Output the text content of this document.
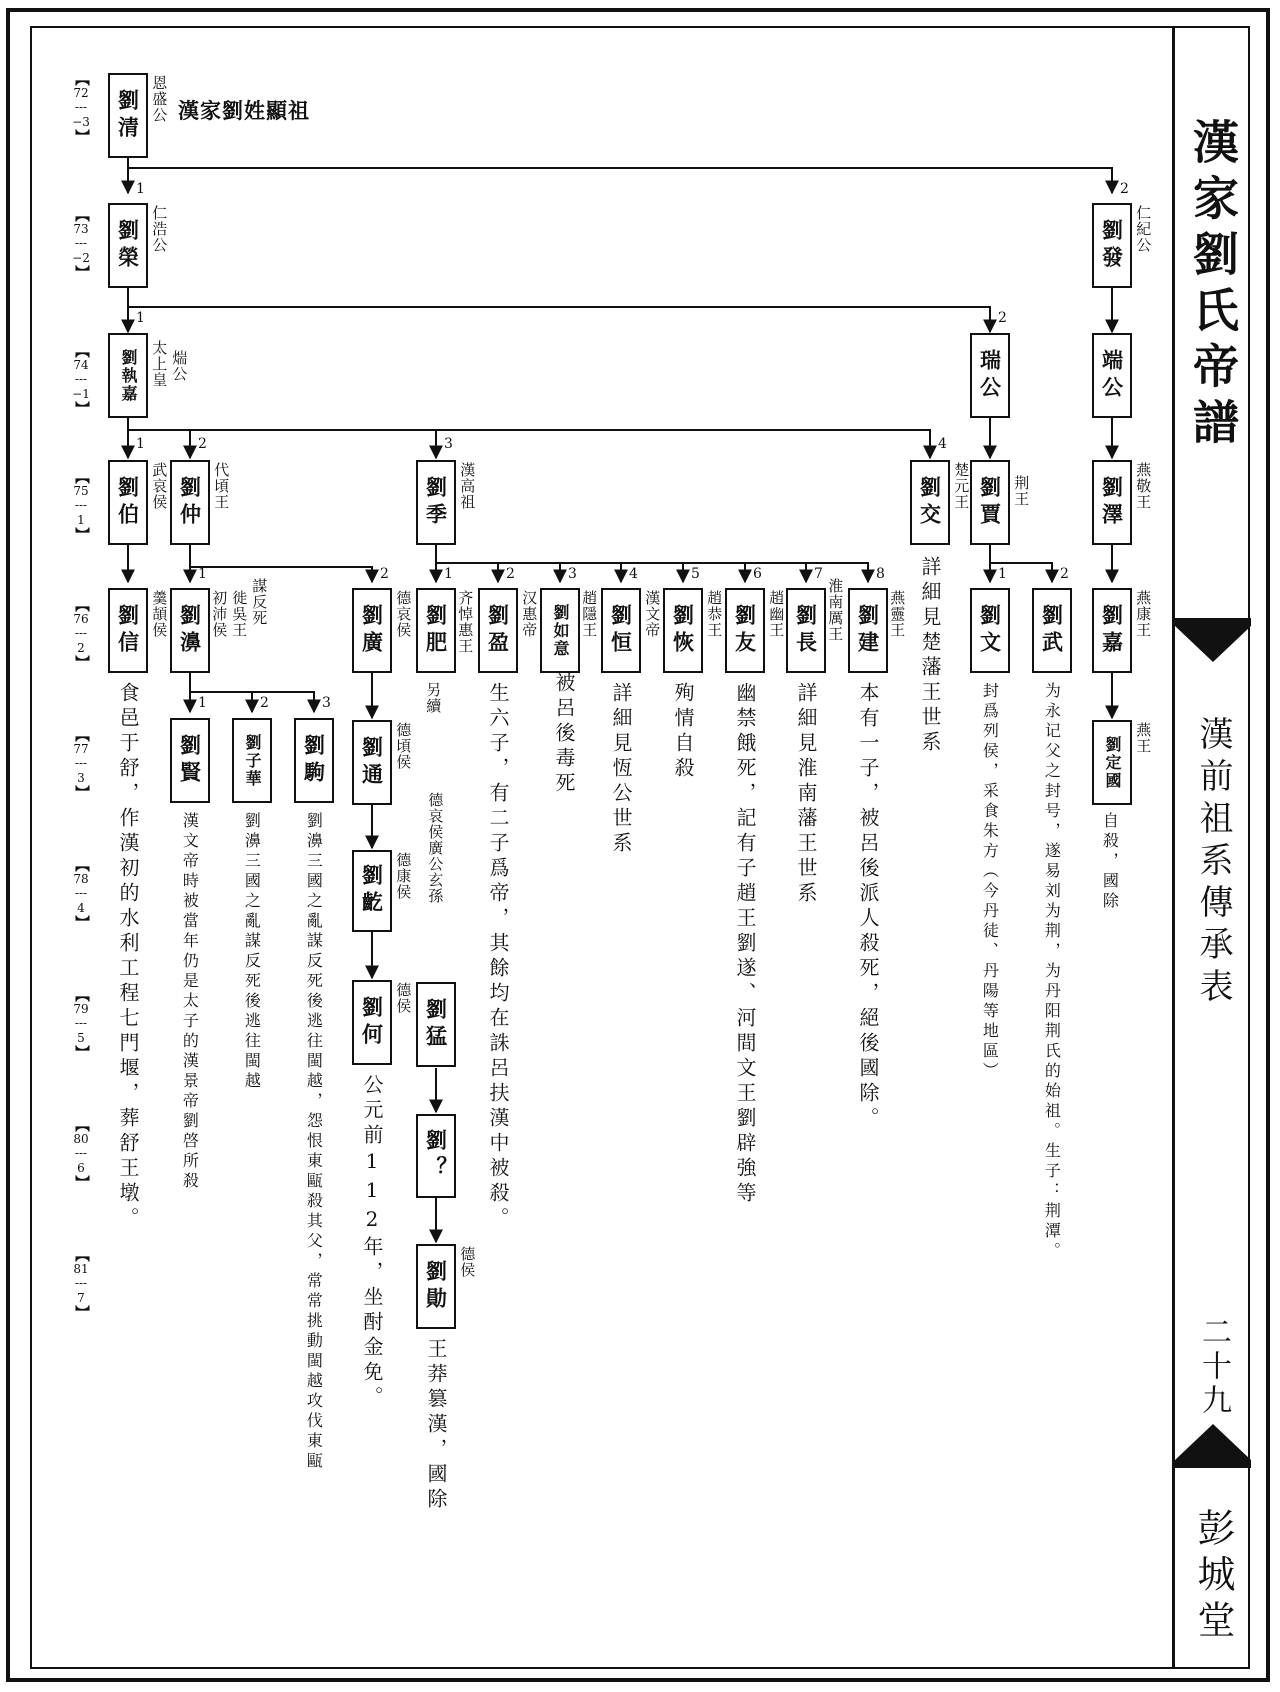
【
72
---
−3
】
【
73
---
−2
】
【
74
---
−1
】
【
75
---
1
】
【
76
---
2
】
【
77
---
3
】
【
78
---
4
】
【
79
---
5
】
【
80
---
6
】
【
81
---
7
】
漢家劉姓顯祖
劉清 恩盛公
1
劉榮 仁浩公
2
劉發 仁紀公
1
劉執嘉 太上皇 煓公
2
瑞公	端公
1
劉伯 武哀侯
2
劉仲 代頃王
3
劉季 漢高祖
4
劉交 楚元王
詳細見楚藩王世系
劉賈 荆王	劉澤 燕敬王
劉信 羹頡侯
食邑于舒，作漢初的水利工程七門堰，葬舒王墩。
1
劉濞 初沛侯 徙吳王 謀反死
2
劉廣 德哀侯
1
劉肥 齐悼惠王
另續
2
劉盈 汉惠帝
生六子，有二子爲帝，其餘均在誅呂扶漢中被殺。
3
劉如意 趙隱王
被呂後毒死
4
劉恒 漢文帝
詳細見恆公世系
5
劉恢 趙恭王
殉情自殺
6
劉友 趙幽王
幽禁餓死，記有子趙王劉遂、河間文王劉辟強等
7
劉長 淮南厲王
詳細見淮南藩王世系
8
劉建 燕靈王
本有一子，被呂後派人殺死，絕後國除。
1
劉文
封爲列侯，采食朱方（今丹徒、丹陽等地區）
2
劉武
为永记父之封号，遂易刘为荆，为丹阳荆氏的始祖。生子：荆潭。
劉嘉 燕康王
1
劉賢
漢文帝時被當年仍是太子的漢景帝劉啓所殺
2
劉子華
劉濞三國之亂謀反死後逃往閩越
3
劉駒
劉濞三國之亂謀反死後逃往閩越，怨恨東甌殺其父，常常挑動閩越攻伐東甌
劉通 德頃侯
劉齕 德康侯
劉何 德侯
公元前112年，坐酎金免。
德哀侯廣公玄孫
劉猛
劉？
劉勛 德侯
王莽篡漢，國除
劉定國 燕王
自殺，國除
漢家劉氏帝譜
漢前祖系傳承表
二十九
彭城堂
